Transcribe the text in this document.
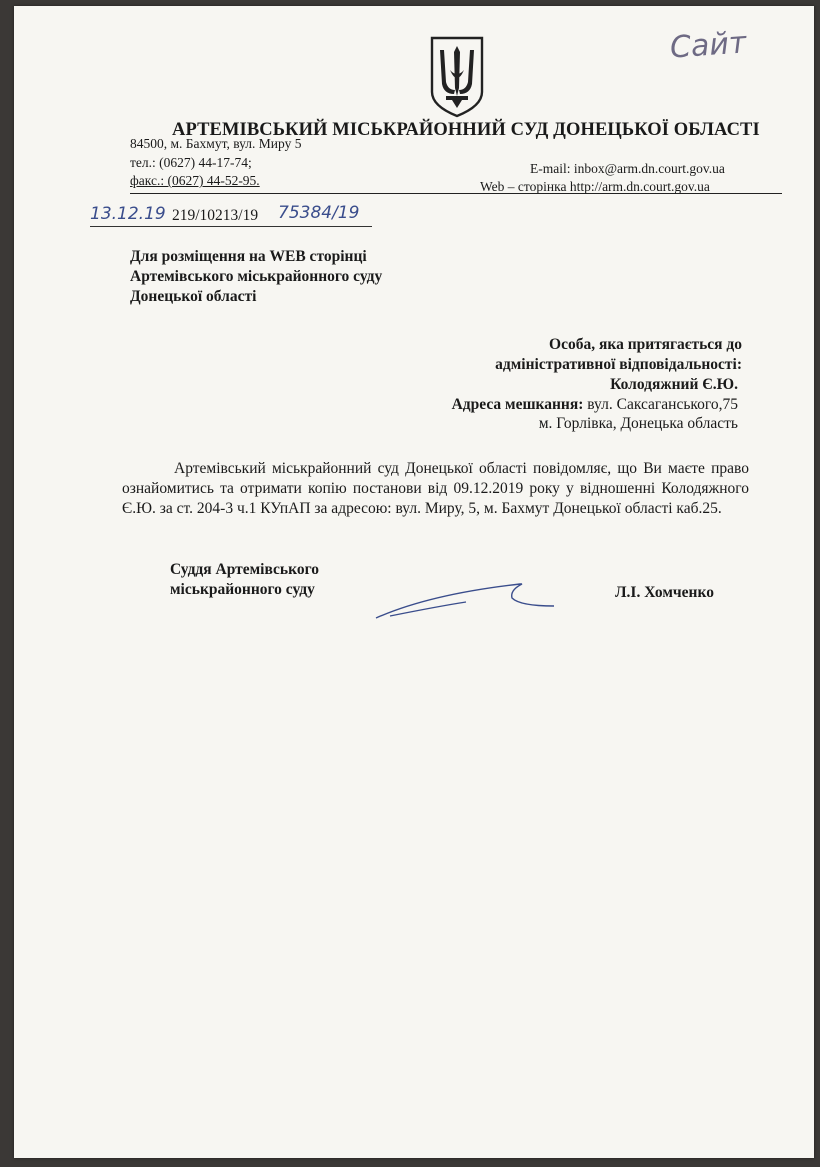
Сайт
АРТЕМІВСЬКИЙ МІСЬКРАЙОННИЙ СУД ДОНЕЦЬКОЇ ОБЛАСТІ
84500, м. Бахмут, вул. Миру 5
тел.: (0627) 44-17-74;
факс.: (0627) 44-52-95.
E-mail: inbox@arm.dn.court.gov.ua
Web – сторінка http://arm.dn.court.gov.ua
13.12.19 219/10213/19 75384/19
Для розміщення на WEB сторінці
Артемівського міськрайонного суду
Донецької області
Особа, яка притягається до
адміністративної відповідальності:
Колодяжний Є.Ю.
Адреса мешкання: вул. Саксаганського,75
м. Горлівка, Донецька область

Артемівський міськрайонний суд Донецької області повідомляє, що Ви маєте право ознайомитись та отримати копію постанови від 09.12.2019 року у відношенні Колодяжного Є.Ю. за ст. 204-3 ч.1 КУпАП за адресою: вул. Миру, 5, м. Бахмут Донецької області каб.25.

Суддя Артемівського
міськрайонного суду	Л.І. Хомченко
